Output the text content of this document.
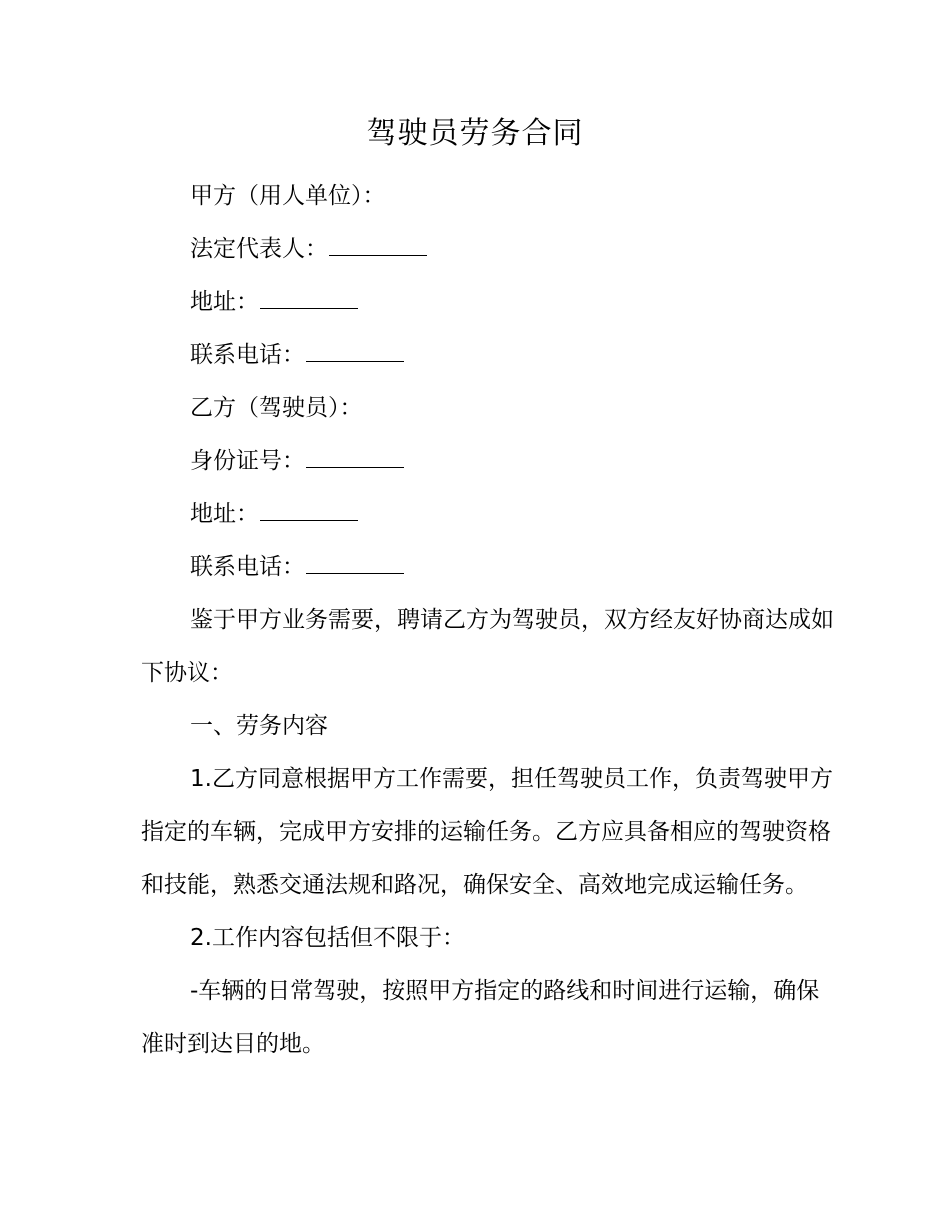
驾驶员劳务合同
甲方（用人单位）：
法定代表人：
地址：
联系电话：
乙方（驾驶员）：
身份证号：
地址：
联系电话：

鉴于甲方业务需要，聘请乙方为驾驶员，双方经友好协商达成如下协议：

一、劳务内容

1.乙方同意根据甲方工作需要，担任驾驶员工作，负责驾驶甲方指定的车辆，完成甲方安排的运输任务。乙方应具备相应的驾驶资格和技能，熟悉交通法规和路况，确保安全、高效地完成运输任务。

2.工作内容包括但不限于：

-车辆的日常驾驶，按照甲方指定的路线和时间进行运输，确保准时到达目的地。
